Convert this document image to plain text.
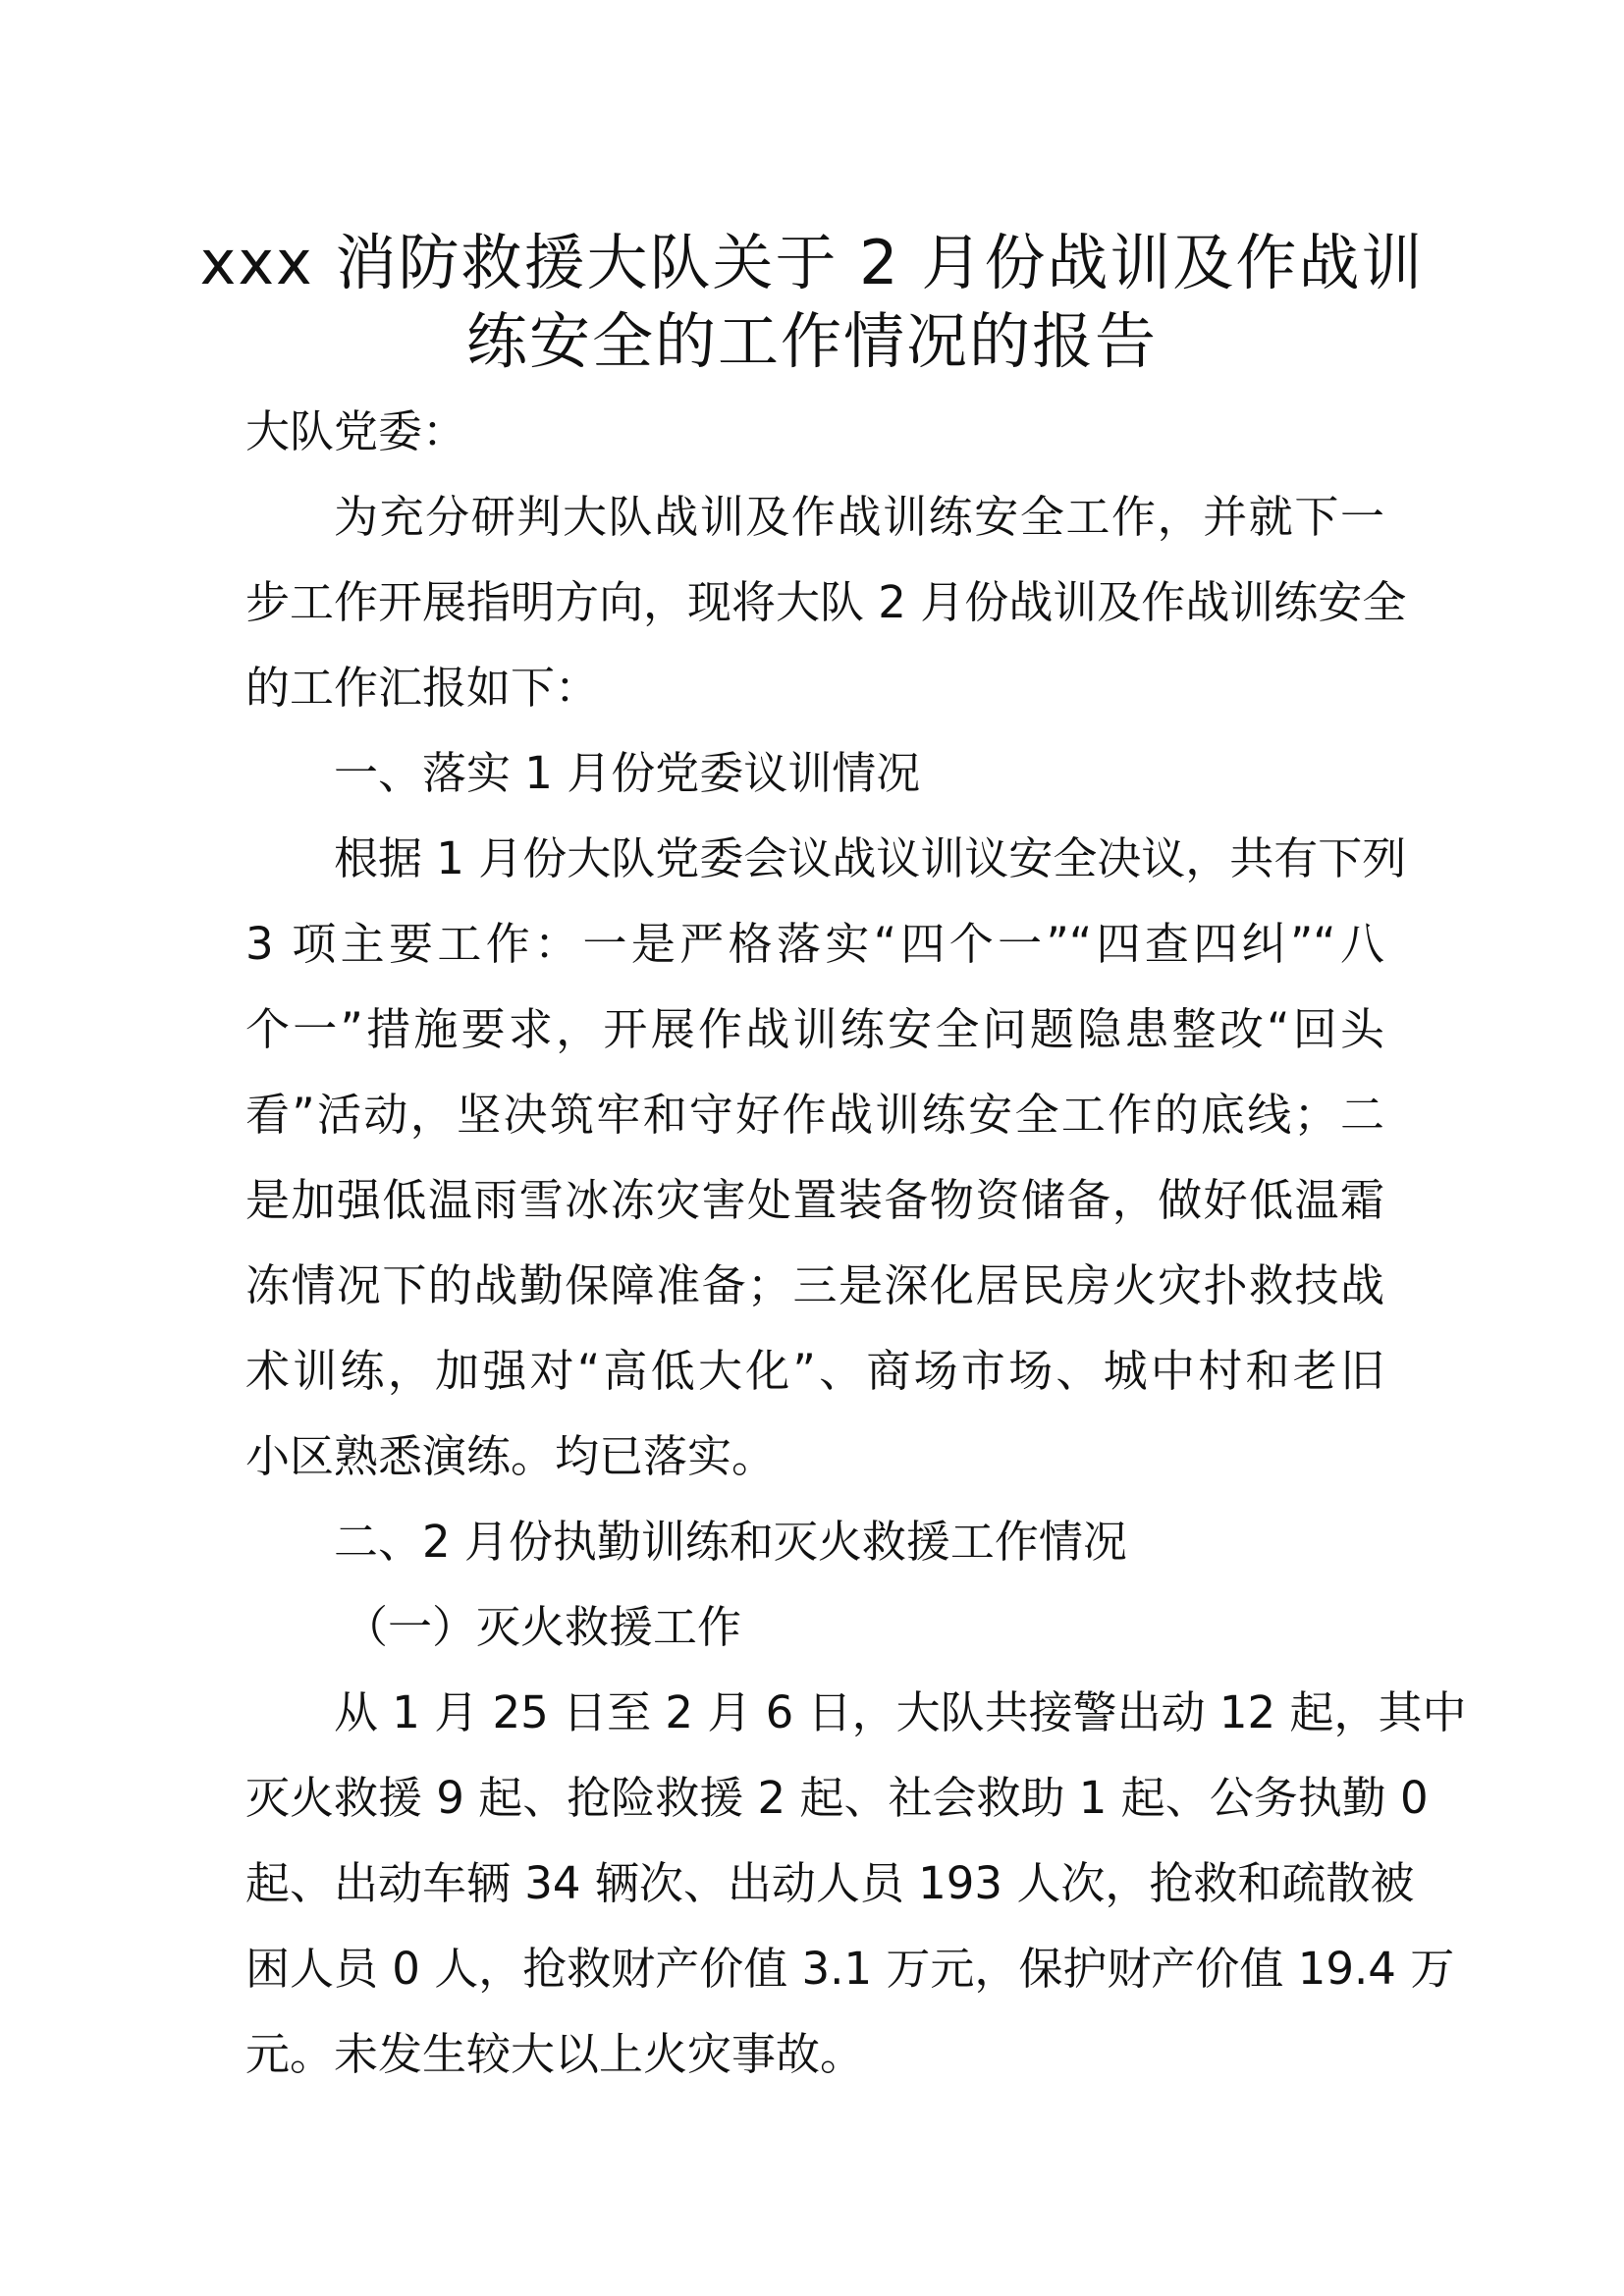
xxx 消防救援大队关于 2 月份战训及作战训
练安全的工作情况的报告
大队党委：
为充分研判大队战训及作战训练安全工作，并就下一
步工作开展指明方向，现将大队 2 月份战训及作战训练安全
的工作汇报如下：
一、落实 1 月份党委议训情况
根据 1 月份大队党委会议战议训议安全决议，共有下列
3 项主要工作：一是严格落实“四个一”“四查四纠”“八
个一”措施要求，开展作战训练安全问题隐患整改“回头
看”活动，坚决筑牢和守好作战训练安全工作的底线；二
是加强低温雨雪冰冻灾害处置装备物资储备，做好低温霜
冻情况下的战勤保障准备；三是深化居民房火灾扑救技战
术训练，加强对“高低大化”、商场市场、城中村和老旧
小区熟悉演练。均已落实。
二、2 月份执勤训练和灭火救援工作情况
（一）灭火救援工作
从 1 月 25 日至 2 月 6 日，大队共接警出动 12 起，其中
灭火救援 9 起、抢险救援 2 起、社会救助 1 起、公务执勤 0
起、出动车辆 34 辆次、出动人员 193 人次，抢救和疏散被
困人员 0 人，抢救财产价值 3.1 万元，保护财产价值 19.4 万
元。未发生较大以上火灾事故。
